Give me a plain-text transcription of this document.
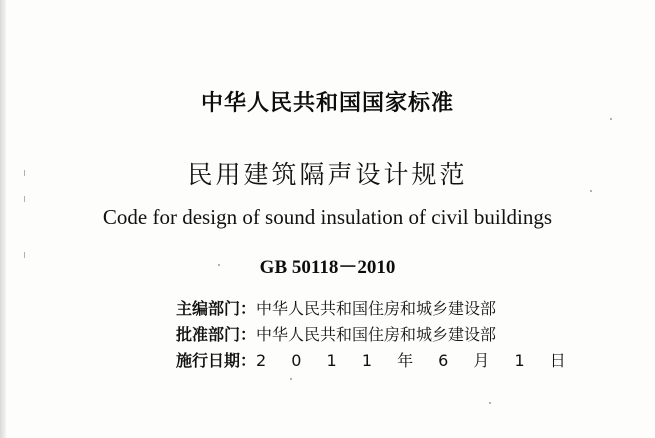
中华人民共和国国家标准
民用建筑隔声设计规范
Code for design of sound insulation of civil buildings
GB 50118－2010
主编部门：中华人民共和国住房和城乡建设部
批准部门：中华人民共和国住房和城乡建设部
施行日期：2 0 1 1 年 6 月 1 日
